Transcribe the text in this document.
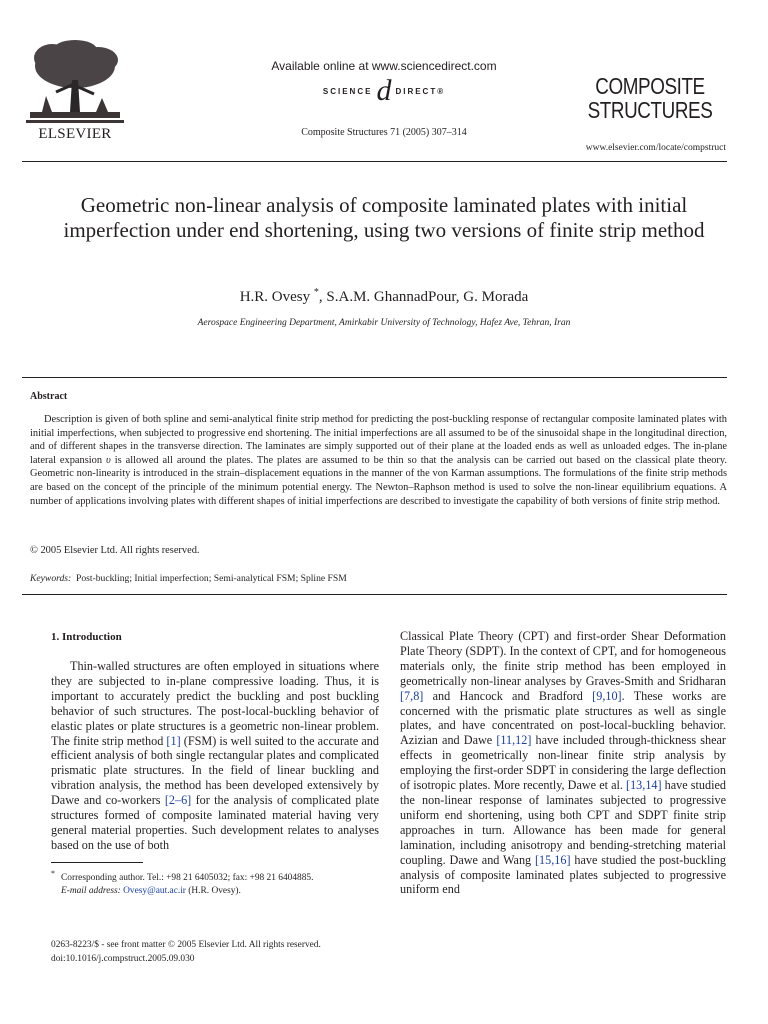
ELSEVIER
Available online at www.sciencedirect.com
SCIENCE d DIRECT®
Composite Structures 71 (2005) 307–314
COMPOSITE
STRUCTURES
www.elsevier.com/locate/compstruct
Geometric non-linear analysis of composite laminated plates with initial imperfection under end shortening, using two versions of finite strip method
H.R. Ovesy *, S.A.M. GhannadPour, G. Morada
Aerospace Engineering Department, Amirkabir University of Technology, Hafez Ave, Tehran, Iran
Abstract
Description is given of both spline and semi-analytical finite strip method for predicting the post-buckling response of rectangular composite laminated plates with initial imperfections, when subjected to progressive end shortening. The initial imperfections are all assumed to be of the sinusoidal shape in the longitudinal direction, and of different shapes in the transverse direction. The laminates are simply supported out of their plane at the loaded ends as well as unloaded edges. The in-plane lateral expansion υ is allowed all around the plates. The plates are assumed to be thin so that the analysis can be carried out based on the classical plate theory. Geometric non-linearity is introduced in the strain–displacement equations in the manner of the von Karman assumptions. The formulations of the finite strip methods are based on the concept of the principle of the minimum potential energy. The Newton–Raphson method is used to solve the non-linear equilibrium equations. A number of applications involving plates with different shapes of initial imperfections are described to investigate the capability of both versions of finite strip method.
© 2005 Elsevier Ltd. All rights reserved.
Keywords: Post-buckling; Initial imperfection; Semi-analytical FSM; Spline FSM
1. Introduction
Thin-walled structures are often employed in situations where they are subjected to in-plane compressive loading. Thus, it is important to accurately predict the buckling and post buckling behavior of such structures. The post-local-buckling behavior of elastic plates or plate structures is a geometric non-linear problem. The finite strip method [1] (FSM) is well suited to the accurate and efficient analysis of both single rectangular plates and complicated prismatic plate structures. In the field of linear buckling and vibration analysis, the method has been developed extensively by Dawe and co-workers [2–6] for the analysis of complicated plate structures formed of composite laminated material having very general material properties. Such development relates to analyses based on the use of both
Classical Plate Theory (CPT) and first-order Shear Deformation Plate Theory (SDPT). In the context of CPT, and for homogeneous materials only, the finite strip method has been employed in geometrically non-linear analyses by Graves-Smith and Sridharan [7,8] and Hancock and Bradford [9,10]. These works are concerned with the prismatic plate structures as well as single plates, and have concentrated on post-local-buckling behavior. Azizian and Dawe [11,12] have included through-thickness shear effects in geometrically non-linear finite strip analysis by employing the first-order SDPT in considering the large deflection of isotropic plates. More recently, Dawe et al. [13,14] have studied the non-linear response of laminates subjected to progressive uniform end shortening, using both CPT and SDPT finite strip approaches in turn. Allowance has been made for general lamination, including anisotropy and bending-stretching material coupling. Dawe and Wang [15,16] have studied the post-buckling analysis of composite laminated plates subjected to progressive uniform end
* Corresponding author. Tel.: +98 21 6405032; fax: +98 21 6404885.
E-mail address: Ovesy@aut.ac.ir (H.R. Ovesy).
0263-8223/$ - see front matter © 2005 Elsevier Ltd. All rights reserved.
doi:10.1016/j.compstruct.2005.09.030
